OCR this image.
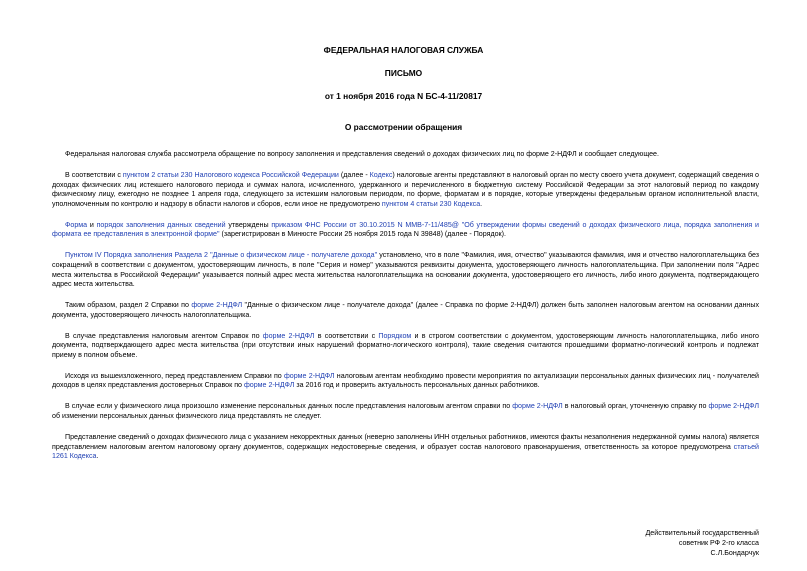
ФЕДЕРАЛЬНАЯ НАЛОГОВАЯ СЛУЖБА
ПИСЬМО
от 1 ноября 2016 года N БС-4-11/20817
О рассмотрении обращения

Федеральная налоговая служба рассмотрела обращение по вопросу заполнения и представления сведений о доходах физических лиц по форме 2-НДФЛ и сообщает следующее.

В соответствии с пунктом 2 статьи 230 Налогового кодекса Российской Федерации (далее - Кодекс) налоговые агенты представляют в налоговый орган по месту своего учета документ, содержащий сведения о доходах физических лиц истекшего налогового периода и суммах налога, исчисленного, удержанного и перечисленного в бюджетную систему Российской Федерации за этот налоговый период по каждому физическому лицу, ежегодно не позднее 1 апреля года, следующего за истекшим налоговым периодом, по форме, форматам и в порядке, которые утверждены федеральным органом исполнительной власти, уполномоченным по контролю и надзору в области налогов и сборов, если иное не предусмотрено пунктом 4 статьи 230 Кодекса.

Форма и порядок заполнения данных сведений утверждены приказом ФНС России от 30.10.2015 N ММВ-7-11/485@ "Об утверждении формы сведений о доходах физического лица, порядка заполнения и формата ее представления в электронной форме" (зарегистрирован в Минюсте России 25 ноября 2015 года N 39848) (далее - Порядок).

Пунктом IV Порядка заполнения Раздела 2 "Данные о физическом лице - получателе дохода" установлено, что в поле "Фамилия, имя, отчество" указываются фамилия, имя и отчество налогоплательщика без сокращений в соответствии с документом, удостоверяющим личность, в поле "Серия и номер" указываются реквизиты документа, удостоверяющего личность налогоплательщика. При заполнении поля "Адрес места жительства в Российской Федерации" указывается полный адрес места жительства налогоплательщика на основании документа, удостоверяющего его личность, либо иного документа, подтверждающего адрес места жительства.

Таким образом, раздел 2 Справки по форме 2-НДФЛ "Данные о физическом лице - получателе дохода" (далее - Справка по форме 2-НДФЛ) должен быть заполнен налоговым агентом на основании данных документа, удостоверяющего личность налогоплательщика.

В случае представления налоговым агентом Справок по форме 2-НДФЛ в соответствии с Порядком и в строгом соответствии с документом, удостоверяющим личность налогоплательщика, либо иного документа, подтверждающего адрес места жительства (при отсутствии иных нарушений форматно-логического контроля), такие сведения считаются прошедшими форматно-логический контроль и подлежат приему в полном объеме.

Исходя из вышеизложенного, перед представлением Справки по форме 2-НДФЛ налоговым агентам необходимо провести мероприятия по актуализации персональных данных физических лиц - получателей доходов в целях представления достоверных Справок по форме 2-НДФЛ за 2016 год и проверить актуальность персональных данных работников.

В случае если у физического лица произошло изменение персональных данных после представления налоговым агентом справки по форме 2-НДФЛ в налоговый орган, уточненную справку по форме 2-НДФЛ об изменении персональных данных физического лица представлять не следует.

Представление сведений о доходах физического лица с указанием некорректных данных (неверно заполнены ИНН отдельных работников, имеются факты незаполнения недержанной суммы налога) является представлением налоговым агентом налоговому органу документов, содержащих недостоверные сведения, и образует состав налогового правонарушения, ответственность за которое предусмотрена статьей 1261 Кодекса.

Действительный государственный
советник РФ 2-го класса
С.Л.Бондарчук
